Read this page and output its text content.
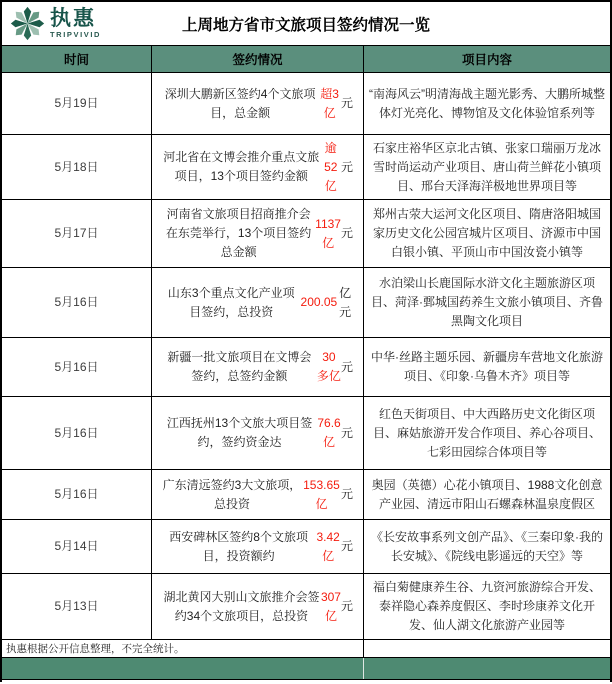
执惠
TRIPVIVID
上周地方省市文旅项目签约情况一览
时间	签约情况	项目内容
5月19日
深圳大鹏新区签约4个文旅项目，总金额
超3亿
元
“南海风云”明清海战主题光影秀、大鹏所城整体灯光亮化、博物馆及文化体验馆系列等
5月18日
河北省在文博会推介重点文旅项目，13个项目签约金额
逾52亿
元
石家庄裕华区京北古镇、张家口瑞丽万龙冰雪时尚运动产业项目、唐山荷兰鲜花小镇项目、邢台天泽海洋极地世界项目等
5月17日
河南省文旅项目招商推介会在东莞举行，13个项目签约总金额
1137亿
元
郑州古荥大运河文化区项目、隋唐洛阳城国家历史文化公园宫城片区项目、济源市中国白银小镇、平顶山市中国汝瓷小镇等
5月16日
山东3个重点文化产业项目签约，总投资
200.05
亿元
水泊梁山长鹿国际水浒文化主题旅游区项目、菏泽·鄄城国药养生文旅小镇项目、齐鲁黑陶文化项目
5月16日
新疆一批文旅项目在文博会签约，总签约金额
30多亿
元
中华·丝路主题乐园、新疆房车营地文化旅游项目、《印象·乌鲁木齐》项目等
5月16日
江西抚州13个文旅大项目签约，签约资金达
76.6亿
元
红色天街项目、中大西路历史文化街区项目、麻姑旅游开发合作项目、养心谷项目、七彩田园综合体项目等
5月16日
广东清远签约3大文旅项，总投资
153.65亿
元
奥园（英德）心花小镇项目、1988文化创意产业园、清远市阳山石螺森林温泉度假区
5月14日
西安碑林区签约8个文旅项目，投资额约
3.42亿
元
《长安故事系列文创产品》、《三秦印象·我的长安城》、《院线电影遥远的天空》等
5月13日
湖北黄冈大别山文旅推介会签约34个文旅项目，总投资
307亿
元
福白菊健康养生谷、九资河旅游综合开发、泰祥隐心森养度假区、李时珍康养文化开发、仙人湖文化旅游产业园等
执惠根据公开信息整理，不完全统计。
